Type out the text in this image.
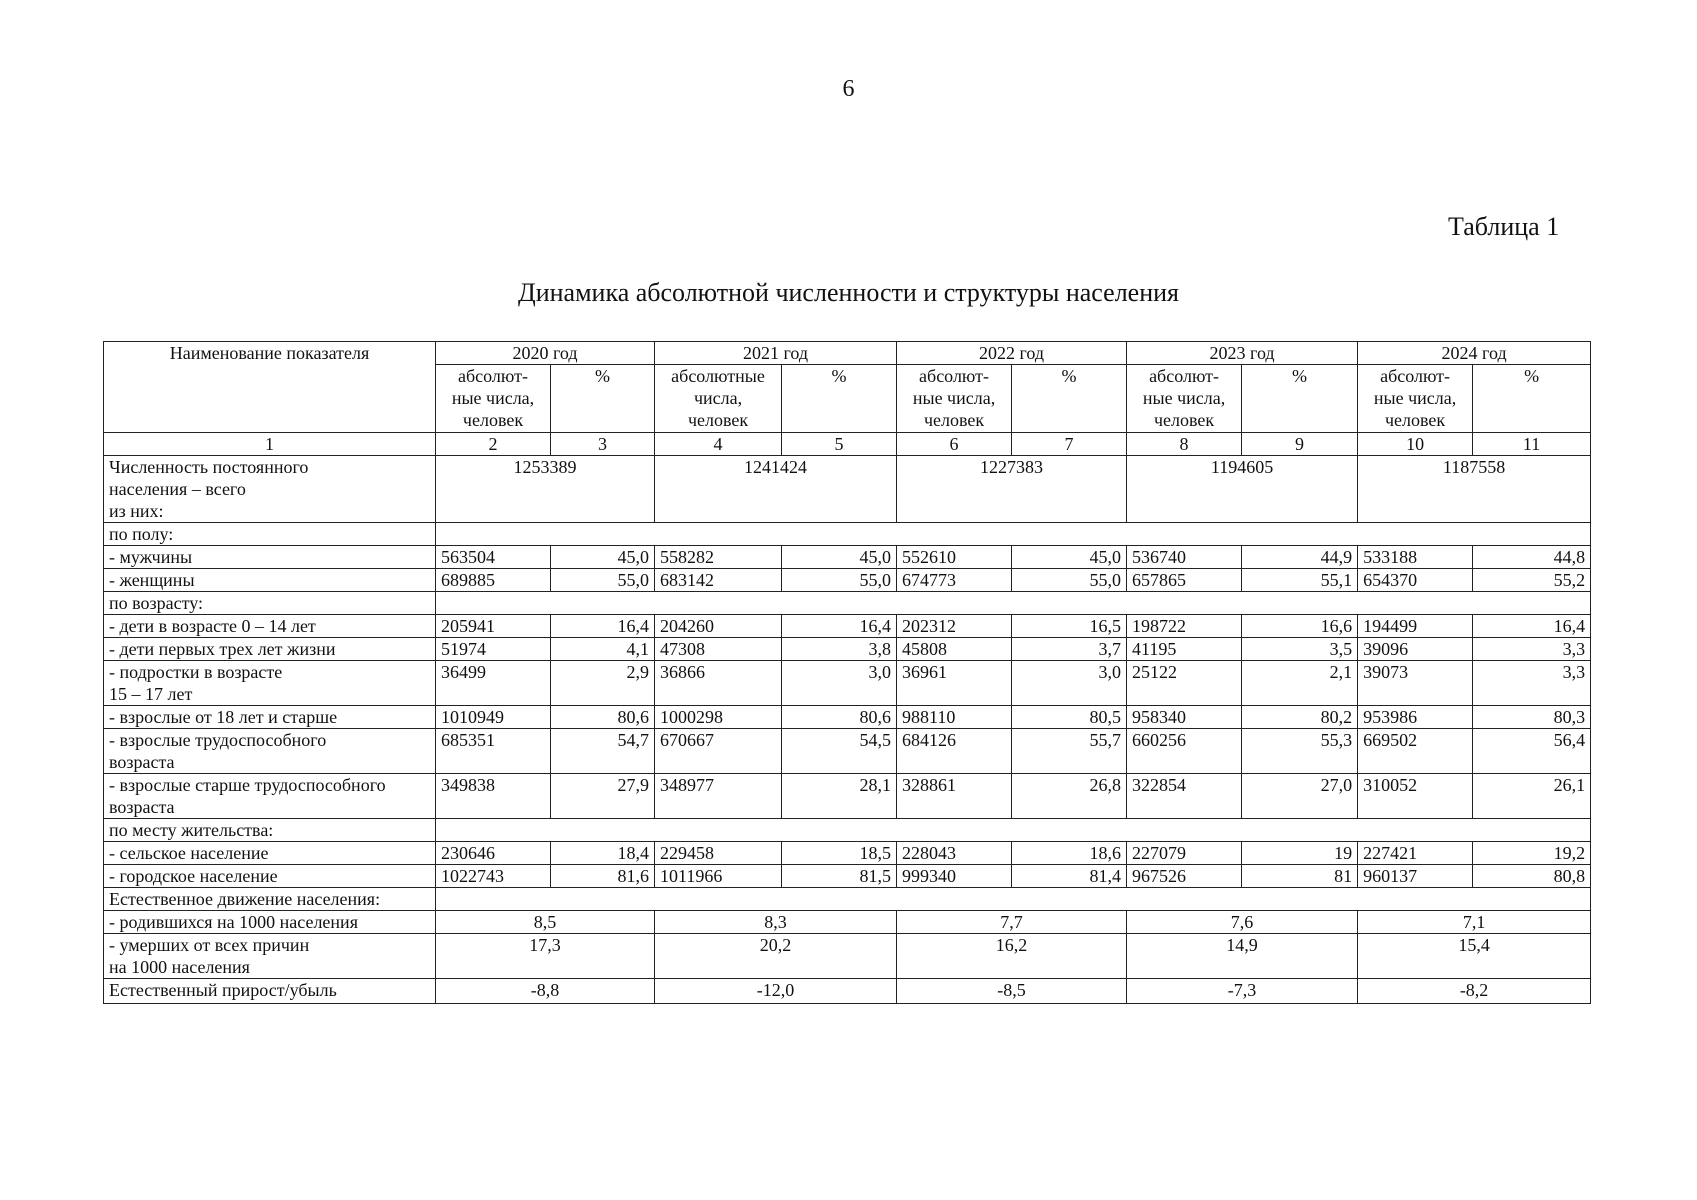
6
Таблица 1
Динамика абсолютной численности и структуры населения
Наименование показателя	2020 год		2021 год		2022 год		2023 год		2024 год	
	абсолют-
ные числа,
человек	%	абсолютные
числа,
человек	%	абсолют-
ные числа,
человек	%	абсолют-
ные числа,
человек	%	абсолют-
ные числа,
человек	%
1	2	3	4	5	6	7	8	9	10	11
Численность постоянного
населения – всего
из них:	1253389		1241424		1227383		1194605		1187558	
по полу:										
- мужчины	563504	45,0	558282	45,0	552610	45,0	536740	44,9	533188	44,8
- женщины	689885	55,0	683142	55,0	674773	55,0	657865	55,1	654370	55,2
по возрасту:										
- дети в возрасте 0 – 14 лет	205941	16,4	204260	16,4	202312	16,5	198722	16,6	194499	16,4
- дети первых трех лет жизни	51974	4,1	47308	3,8	45808	3,7	41195	3,5	39096	3,3
- подростки в возрасте
15 – 17 лет	36499	2,9	36866	3,0	36961	3,0	25122	2,1	39073	3,3
- взрослые от 18 лет и старше	1010949	80,6	1000298	80,6	988110	80,5	958340	80,2	953986	80,3
- взрослые трудоспособного
возраста	685351	54,7	670667	54,5	684126	55,7	660256	55,3	669502	56,4
- взрослые старше трудоспособного
возраста	349838	27,9	348977	28,1	328861	26,8	322854	27,0	310052	26,1
по месту жительства:										
- сельское население	230646	18,4	229458	18,5	228043	18,6	227079	19	227421	19,2
- городское население	1022743	81,6	1011966	81,5	999340	81,4	967526	81	960137	80,8
Естественное движение населения:										
- родившихся на 1000 населения	8,5		8,3		7,7		7,6		7,1	
- умерших от всех причин
на 1000 населения	17,3		20,2		16,2		14,9		15,4	
Естественный прирост/убыль	-8,8		-12,0		-8,5		-7,3		-8,2	
